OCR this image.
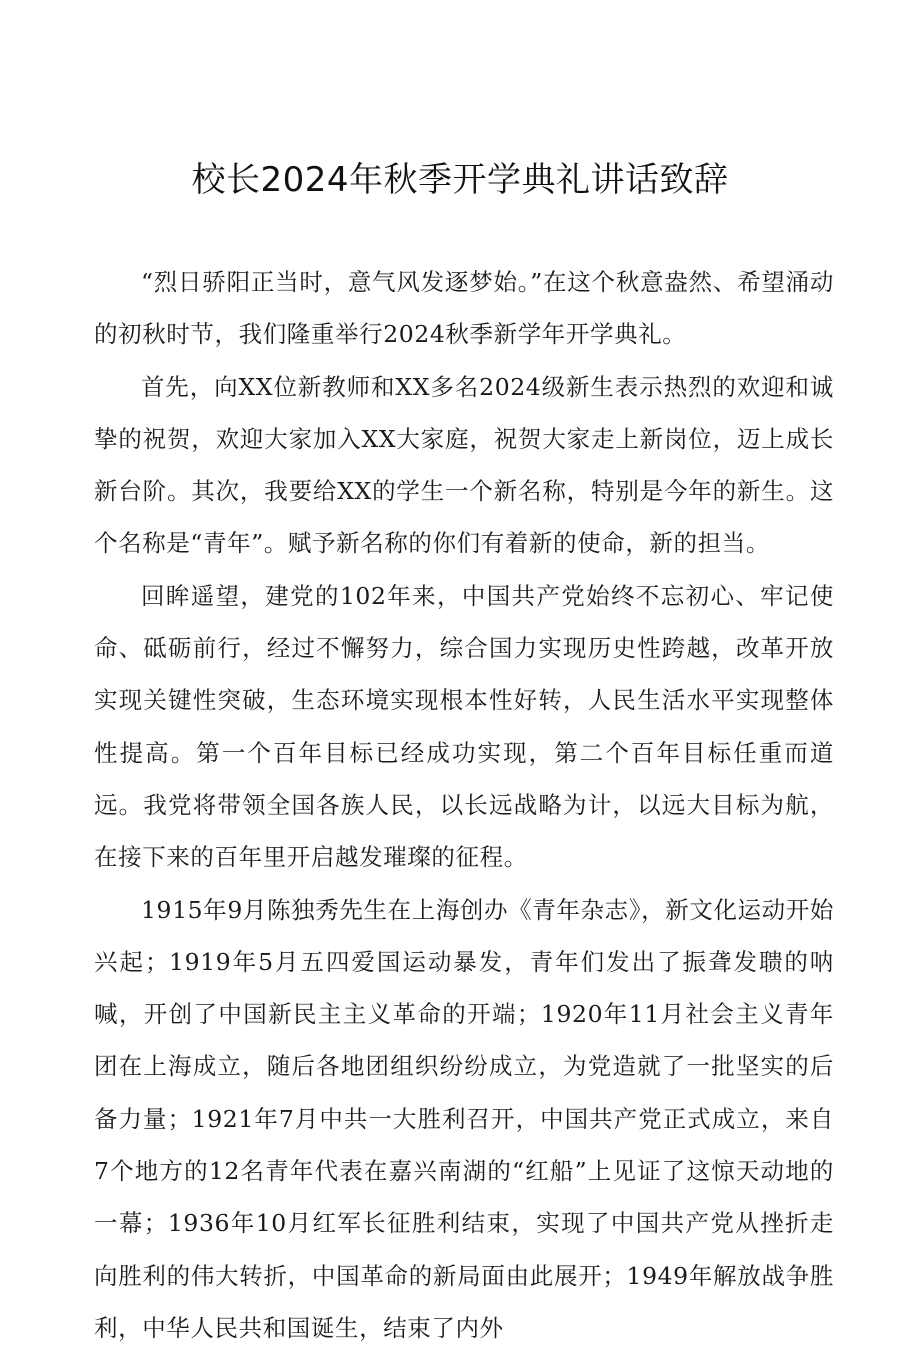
校长2024年秋季开学典礼讲话致辞

“烈日骄阳正当时，意气风发逐梦始。”在这个秋意盎然、希望涌动的初秋时节，我们隆重举行2024秋季新学年开学典礼。

首先，向XX位新教师和XX多名2024级新生表示热烈的欢迎和诚挚的祝贺，欢迎大家加入XX大家庭，祝贺大家走上新岗位，迈上成长新台阶。其次，我要给XX的学生一个新名称，特别是今年的新生。这个名称是“青年”。赋予新名称的你们有着新的使命，新的担当。

回眸遥望，建党的102年来，中国共产党始终不忘初心、牢记使命、砥砺前行，经过不懈努力，综合国力实现历史性跨越，改革开放实现关键性突破，生态环境实现根本性好转，人民生活水平实现整体性提高。第一个百年目标已经成功实现，第二个百年目标任重而道远。我党将带领全国各族人民，以长远战略为计，以远大目标为航，在接下来的百年里开启越发璀璨的征程。

1915年9月陈独秀先生在上海创办《青年杂志》，新文化运动开始兴起；1919年5月五四爱国运动暴发，青年们发出了振聋发聩的呐喊，开创了中国新民主主义革命的开端；1920年11月社会主义青年团在上海成立，随后各地团组织纷纷成立，为党造就了一批坚实的后备力量；1921年7月中共一大胜利召开，中国共产党正式成立，来自7个地方的12名青年代表在嘉兴南湖的“红船”上见证了这惊天动地的一幕；1936年10月红军长征胜利结束，实现了中国共产党从挫折走向胜利的伟大转折，中国革命的新局面由此展开；1949年解放战争胜利，中华人民共和国诞生，结束了内外
